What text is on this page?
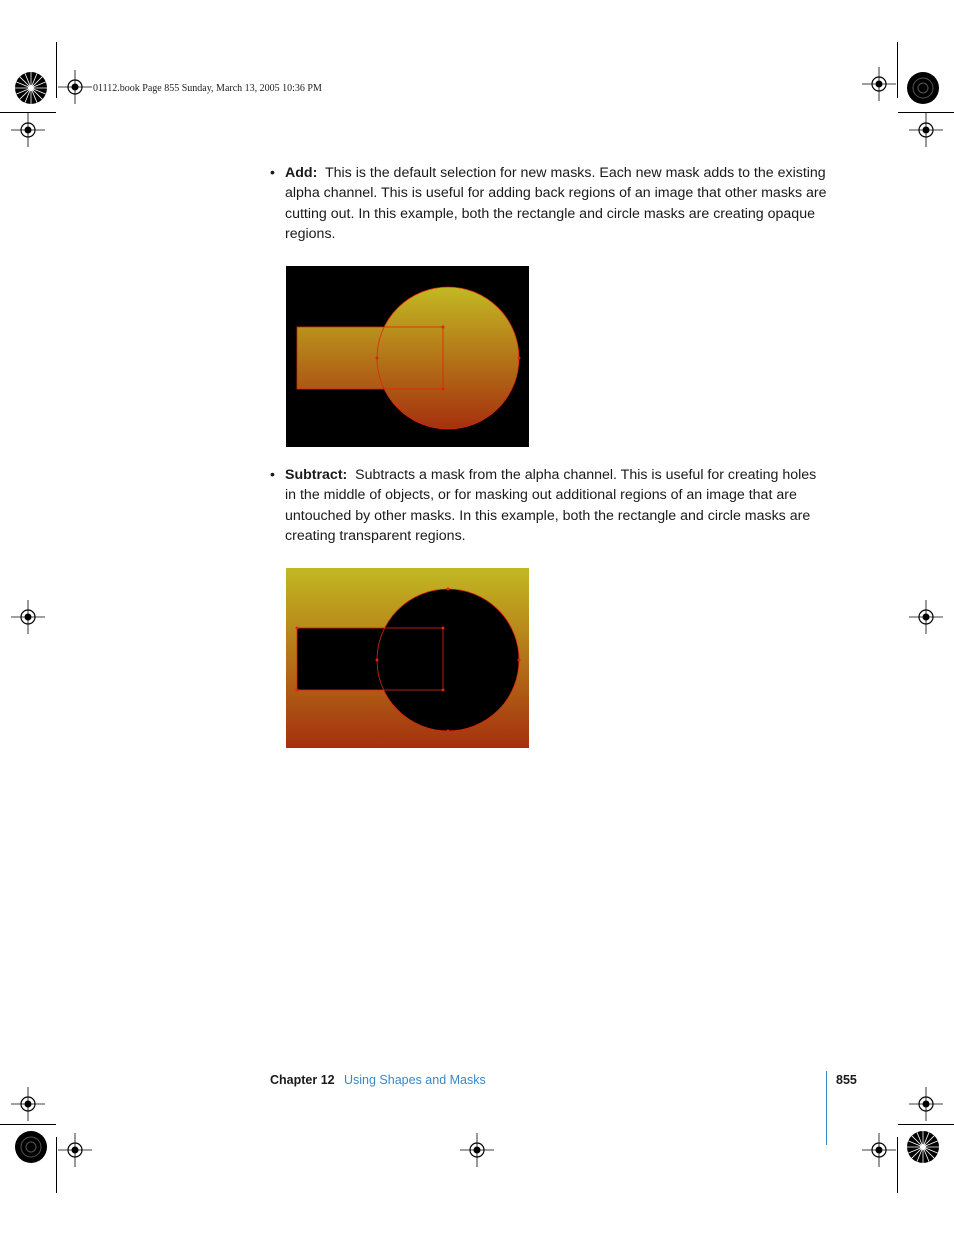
01112.book Page 855 Sunday, March 13, 2005 10:36 PM
• Add: This is the default selection for new masks. Each new mask adds to the existing alpha channel. This is useful for adding back regions of an image that other masks are cutting out. In this example, both the rectangle and circle masks are creating opaque regions.
• Subtract: Subtracts a mask from the alpha channel. This is useful for creating holes in the middle of objects, or for masking out additional regions of an image that are untouched by other masks. In this example, both the rectangle and circle masks are creating transparent regions.
Chapter 12 Using Shapes and Masks	855
